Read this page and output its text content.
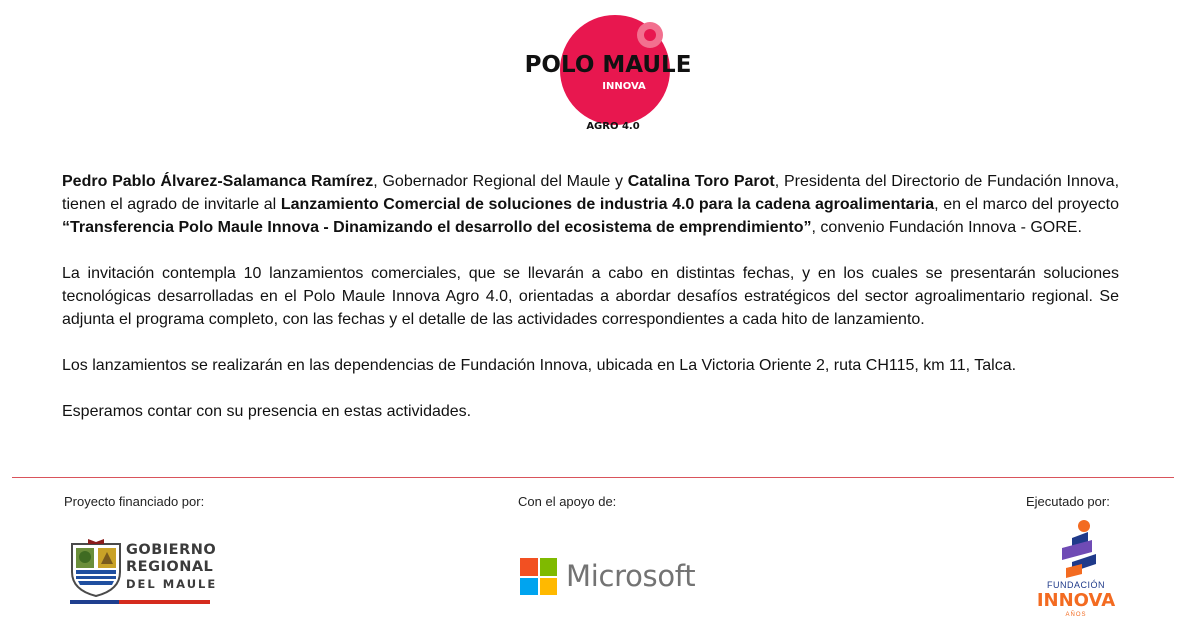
POLO MAULE
INNOVA
AGRO 4.0

Pedro Pablo Álvarez-Salamanca Ramírez, Gobernador Regional del Maule y Catalina Toro Parot, Presidenta del Directorio de Fundación Innova, tienen el agrado de invitarle al Lanzamiento Comercial de soluciones de industria 4.0 para la cadena agroalimentaria, en el marco del proyecto “Transferencia Polo Maule Innova - Dinamizando el desarrollo del ecosistema de emprendimiento”, convenio Fundación Innova - GORE.

La invitación contempla 10 lanzamientos comerciales, que se llevarán a cabo en distintas fechas, y en los cuales se presentarán soluciones tecnológicas desarrolladas en el Polo Maule Innova Agro 4.0, orientadas a abordar desafíos estratégicos del sector agroalimentario regional. Se adjunta el programa completo, con las fechas y el detalle de las actividades correspondientes a cada hito de lanzamiento.

Los lanzamientos se realizarán en las dependencias de Fundación Innova, ubicada en La Victoria Oriente 2, ruta CH115, km 11, Talca.

Esperamos contar con su presencia en estas actividades.

Proyecto financiado por:	Con el apoyo de:	Ejecutado por:
GOBIERNO
REGIONAL
DEL MAULE	Microsoft	FUNDACIÓN
INNOVA
AÑOS
